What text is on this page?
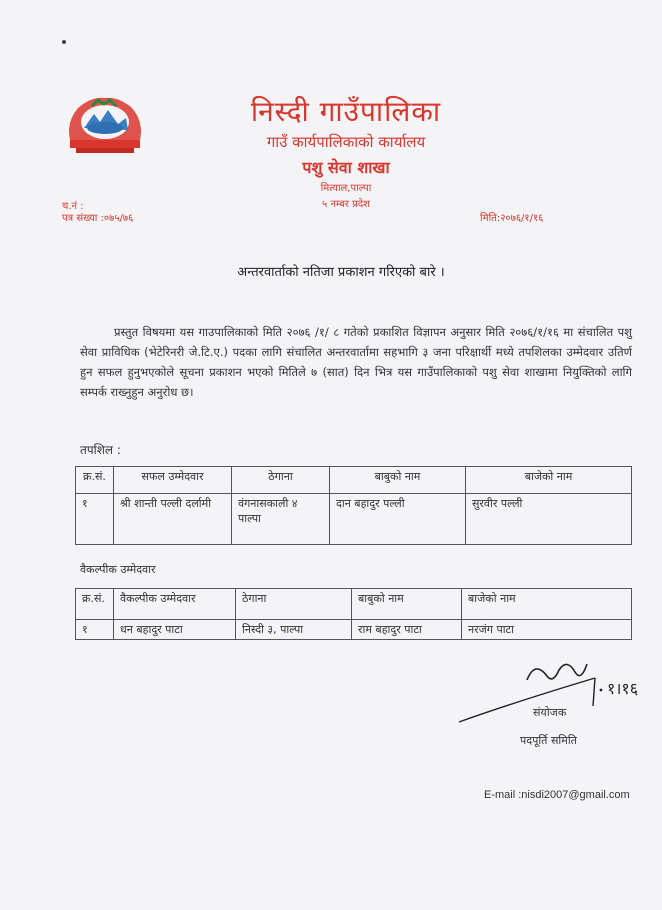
निस्दी गाउँपालिका
गाउँ कार्यपालिकाको कार्यालय
पशु सेवा शाखा
मित्याल,पाल्पा
५ नम्बर प्रदेश
च.नं :
पत्र संख्या :०७५/७६	मिति:२०७६/१/१६
अन्तरवार्ताको नतिजा प्रकाशन गरिएको बारे ।
प्रस्तुत विषयमा यस गाउपालिकाको मिति २०७६ /१/ ८ गतेको प्रकाशित विज्ञापन अनुसार मिति २०७६/१/१६ मा संचालित पशु सेवा प्राविधिक (भेटेरिनरी जे.टि.ए.) पदका लागि संचालित अन्तरवार्तामा सहभागि ३ जना परिक्षार्थी मध्ये तपशिलका उम्मेदवार उतिर्ण हुन सफल हुनुभएकोले सूचना प्रकाशन भएको मितिले ७ (सात) दिन भित्र यस गाउँपालिकाको पशु सेवा शाखामा नियुक्तिको लागि सम्पर्क राख्नुहुन अनुरोध छ।
तपशिल :
क्र.सं.	सफल उम्मेदवार	ठेगाना	बाबुको नाम	बाजेको नाम
१	श्री शान्ती पल्ली दर्लामी	वंगनासकाली ४ पाल्पा	दान बहादुर पल्ली	सुरवीर पल्ली
वैकल्पीक उम्मेदवार
क्र.सं.	वैकल्पीक उम्मेदवार	ठेगाना	बाबुको नाम	बाजेको नाम
१	धन बहादुर पाटा	निस्दी ३, पाल्पा	राम बहादुर पाटा	नरजंग पाटा
१।१६
संयोजक
पदपूर्ति समिति
E-mail :nisdi2007@gmail.com
